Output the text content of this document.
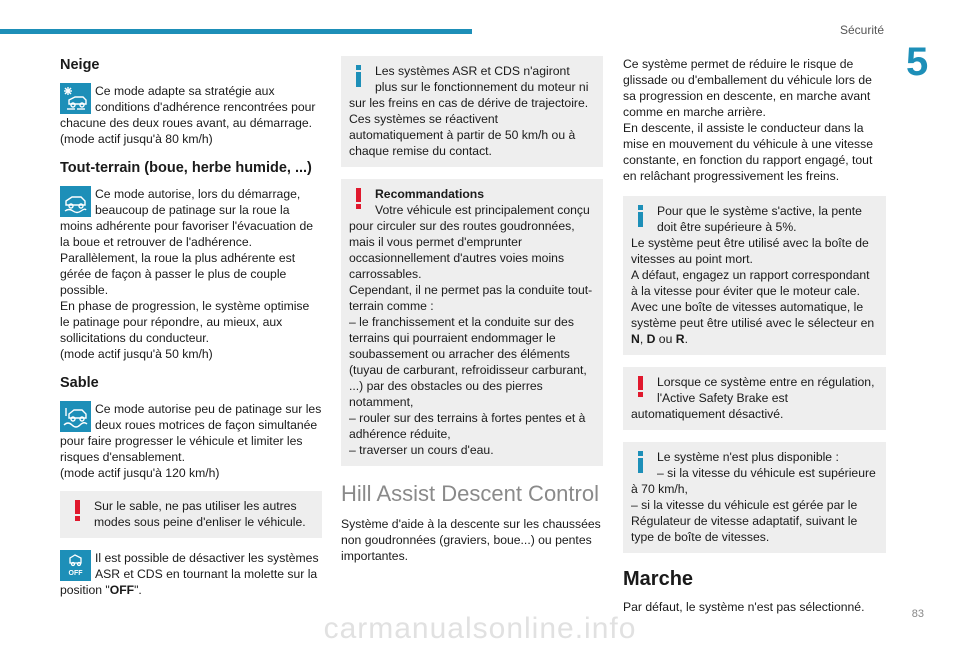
Sécurité
5
Neige

Ce mode adapte sa stratégie aux conditions d'adhérence rencontrées pour chacune des deux roues avant, au démarrage.

(mode actif jusqu'à 80 km/h)

Tout-terrain (boue, herbe humide, ...)

Ce mode autorise, lors du démarrage, beaucoup de patinage sur la roue la moins adhérente pour favoriser l'évacuation de la boue et retrouver de l'adhérence.

Parallèlement, la roue la plus adhérente est gérée de façon à passer le plus de couple possible.

En phase de progression, le système optimise le patinage pour répondre, au mieux, aux sollicitations du conducteur.

(mode actif jusqu'à 50 km/h)

Sable

Ce mode autorise peu de patinage sur les deux roues motrices de façon simultanée pour faire progresser le véhicule et limiter les risques d'ensablement.

(mode actif jusqu'à 120 km/h)

Sur le sable, ne pas utiliser les autres modes sous peine d'enliser le véhicule.

OFF

Il est possible de désactiver les systèmes ASR et CDS en tournant la molette sur la position "OFF".

Les systèmes ASR et CDS n'agiront plus sur le fonctionnement du moteur ni sur les freins en cas de dérive de trajectoire.

Ces systèmes se réactivent automatiquement à partir de 50 km/h ou à chaque remise du contact.

Recommandations

Votre véhicule est principalement conçu pour circuler sur des routes goudronnées, mais il vous permet d'emprunter occasionnellement d'autres voies moins carrossables.

Cependant, il ne permet pas la conduite tout-terrain comme :

– le franchissement et la conduite sur des terrains qui pourraient endommager le soubassement ou arracher des éléments (tuyau de carburant, refroidisseur carburant, ...) par des obstacles ou des pierres notamment,

– rouler sur des terrains à fortes pentes et à adhérence réduite,

– traverser un cours d'eau.

Hill Assist Descent Control

Système d'aide à la descente sur les chaussées non goudronnées (graviers, boue...) ou pentes importantes.

Ce système permet de réduire le risque de glissade ou d'emballement du véhicule lors de sa progression en descente, en marche avant comme en marche arrière.

En descente, il assiste le conducteur dans la mise en mouvement du véhicule à une vitesse constante, en fonction du rapport engagé, tout en relâchant progressivement les freins.

Pour que le système s'active, la pente doit être supérieure à 5%.

Le système peut être utilisé avec la boîte de vitesses au point mort.

A défaut, engagez un rapport correspondant à la vitesse pour éviter que le moteur cale.

Avec une boîte de vitesses automatique, le système peut être utilisé avec le sélecteur en N, D ou R.

Lorsque ce système entre en régulation, l'Active Safety Brake est automatiquement désactivé.

Le système n'est plus disponible :

– si la vitesse du véhicule est supérieure à 70 km/h,

– si la vitesse du véhicule est gérée par le Régulateur de vitesse adaptatif, suivant le type de boîte de vitesses.

Marche

Par défaut, le système n'est pas sélectionné.	83
carmanualsonline.info
